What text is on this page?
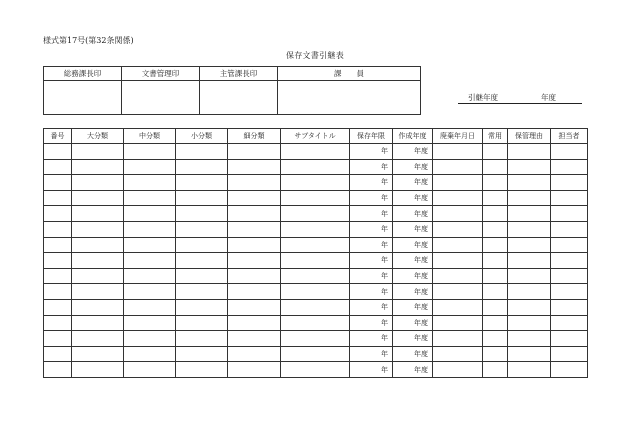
様式第17号(第32条関係)
保存文書引継表
総務課長印	文書管理印	主管課長印	課　　員

引継年度	年度
番号	大分類	中分類	小分類	細分類	サブタイトル	保存年限	作成年度	廃棄年月日	常用	保管理由	担当者
						年	年度				
						年	年度				
						年	年度				
						年	年度				
						年	年度				
						年	年度				
						年	年度				
						年	年度				
						年	年度				
						年	年度				
						年	年度				
						年	年度				
						年	年度				
						年	年度				
						年	年度				
